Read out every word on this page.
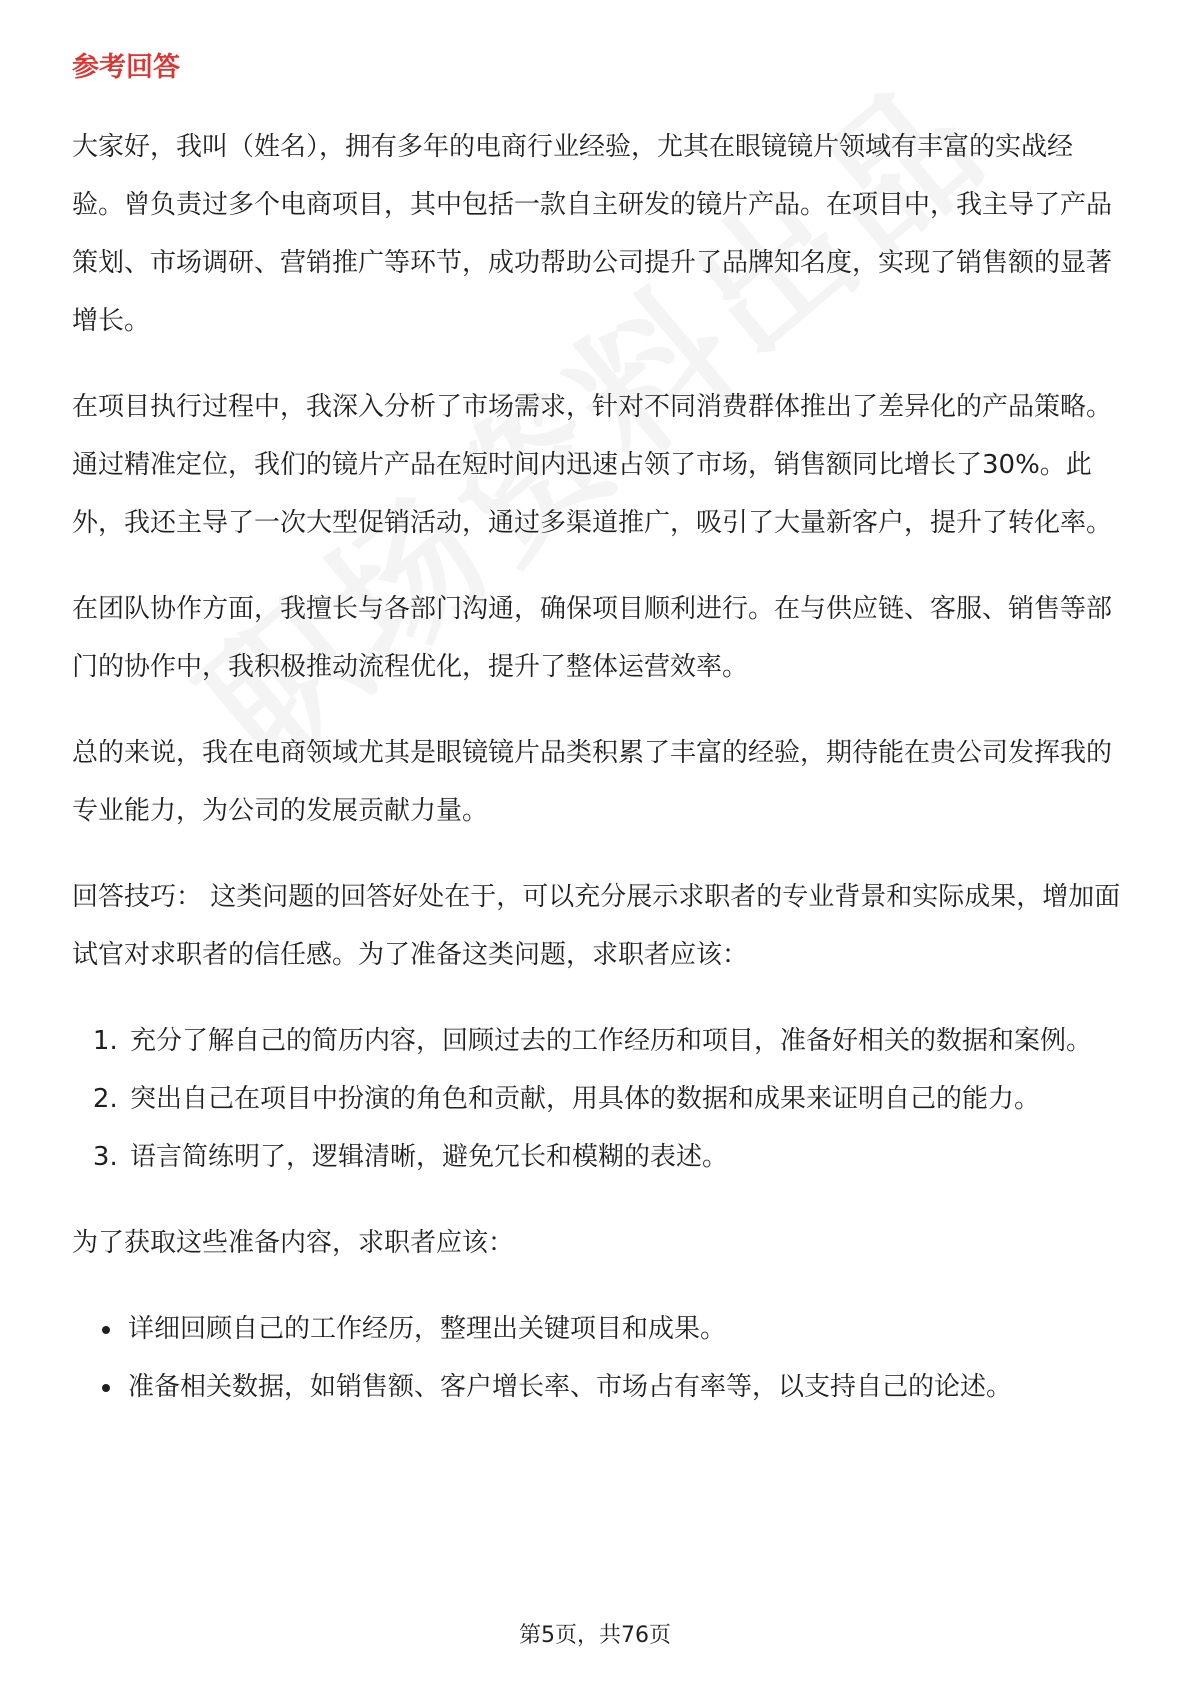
参考回答

大家好，我叫（姓名），拥有多年的电商行业经验，尤其在眼镜镜片领域有丰富的实战经验。曾负责过多个电商项目，其中包括一款自主研发的镜片产品。在项目中，我主导了产品策划、市场调研、营销推广等环节，成功帮助公司提升了品牌知名度，实现了销售额的显著增长。

在项目执行过程中，我深入分析了市场需求，针对不同消费群体推出了差异化的产品策略。通过精准定位，我们的镜片产品在短时间内迅速占领了市场，销售额同比增长了30%。此外，我还主导了一次大型促销活动，通过多渠道推广，吸引了大量新客户，提升了转化率。

在团队协作方面，我擅长与各部门沟通，确保项目顺利进行。在与供应链、客服、销售等部门的协作中，我积极推动流程优化，提升了整体运营效率。

总的来说，我在电商领域尤其是眼镜镜片品类积累了丰富的经验，期待能在贵公司发挥我的专业能力，为公司的发展贡献力量。

回答技巧： 这类问题的回答好处在于，可以充分展示求职者的专业背景和实际成果，增加面试官对求职者的信任感。为了准备这类问题，求职者应该：

1. 充分了解自己的简历内容，回顾过去的工作经历和项目，准备好相关的数据和案例。
2. 突出自己在项目中扮演的角色和贡献，用具体的数据和成果来证明自己的能力。
3. 语言简练明了，逻辑清晰，避免冗长和模糊的表述。

为了获取这些准备内容，求职者应该：

• 详细回顾自己的工作经历，整理出关键项目和成果。
• 准备相关数据，如销售额、客户增长率、市场占有率等，以支持自己的论述。
第5页，共76页
